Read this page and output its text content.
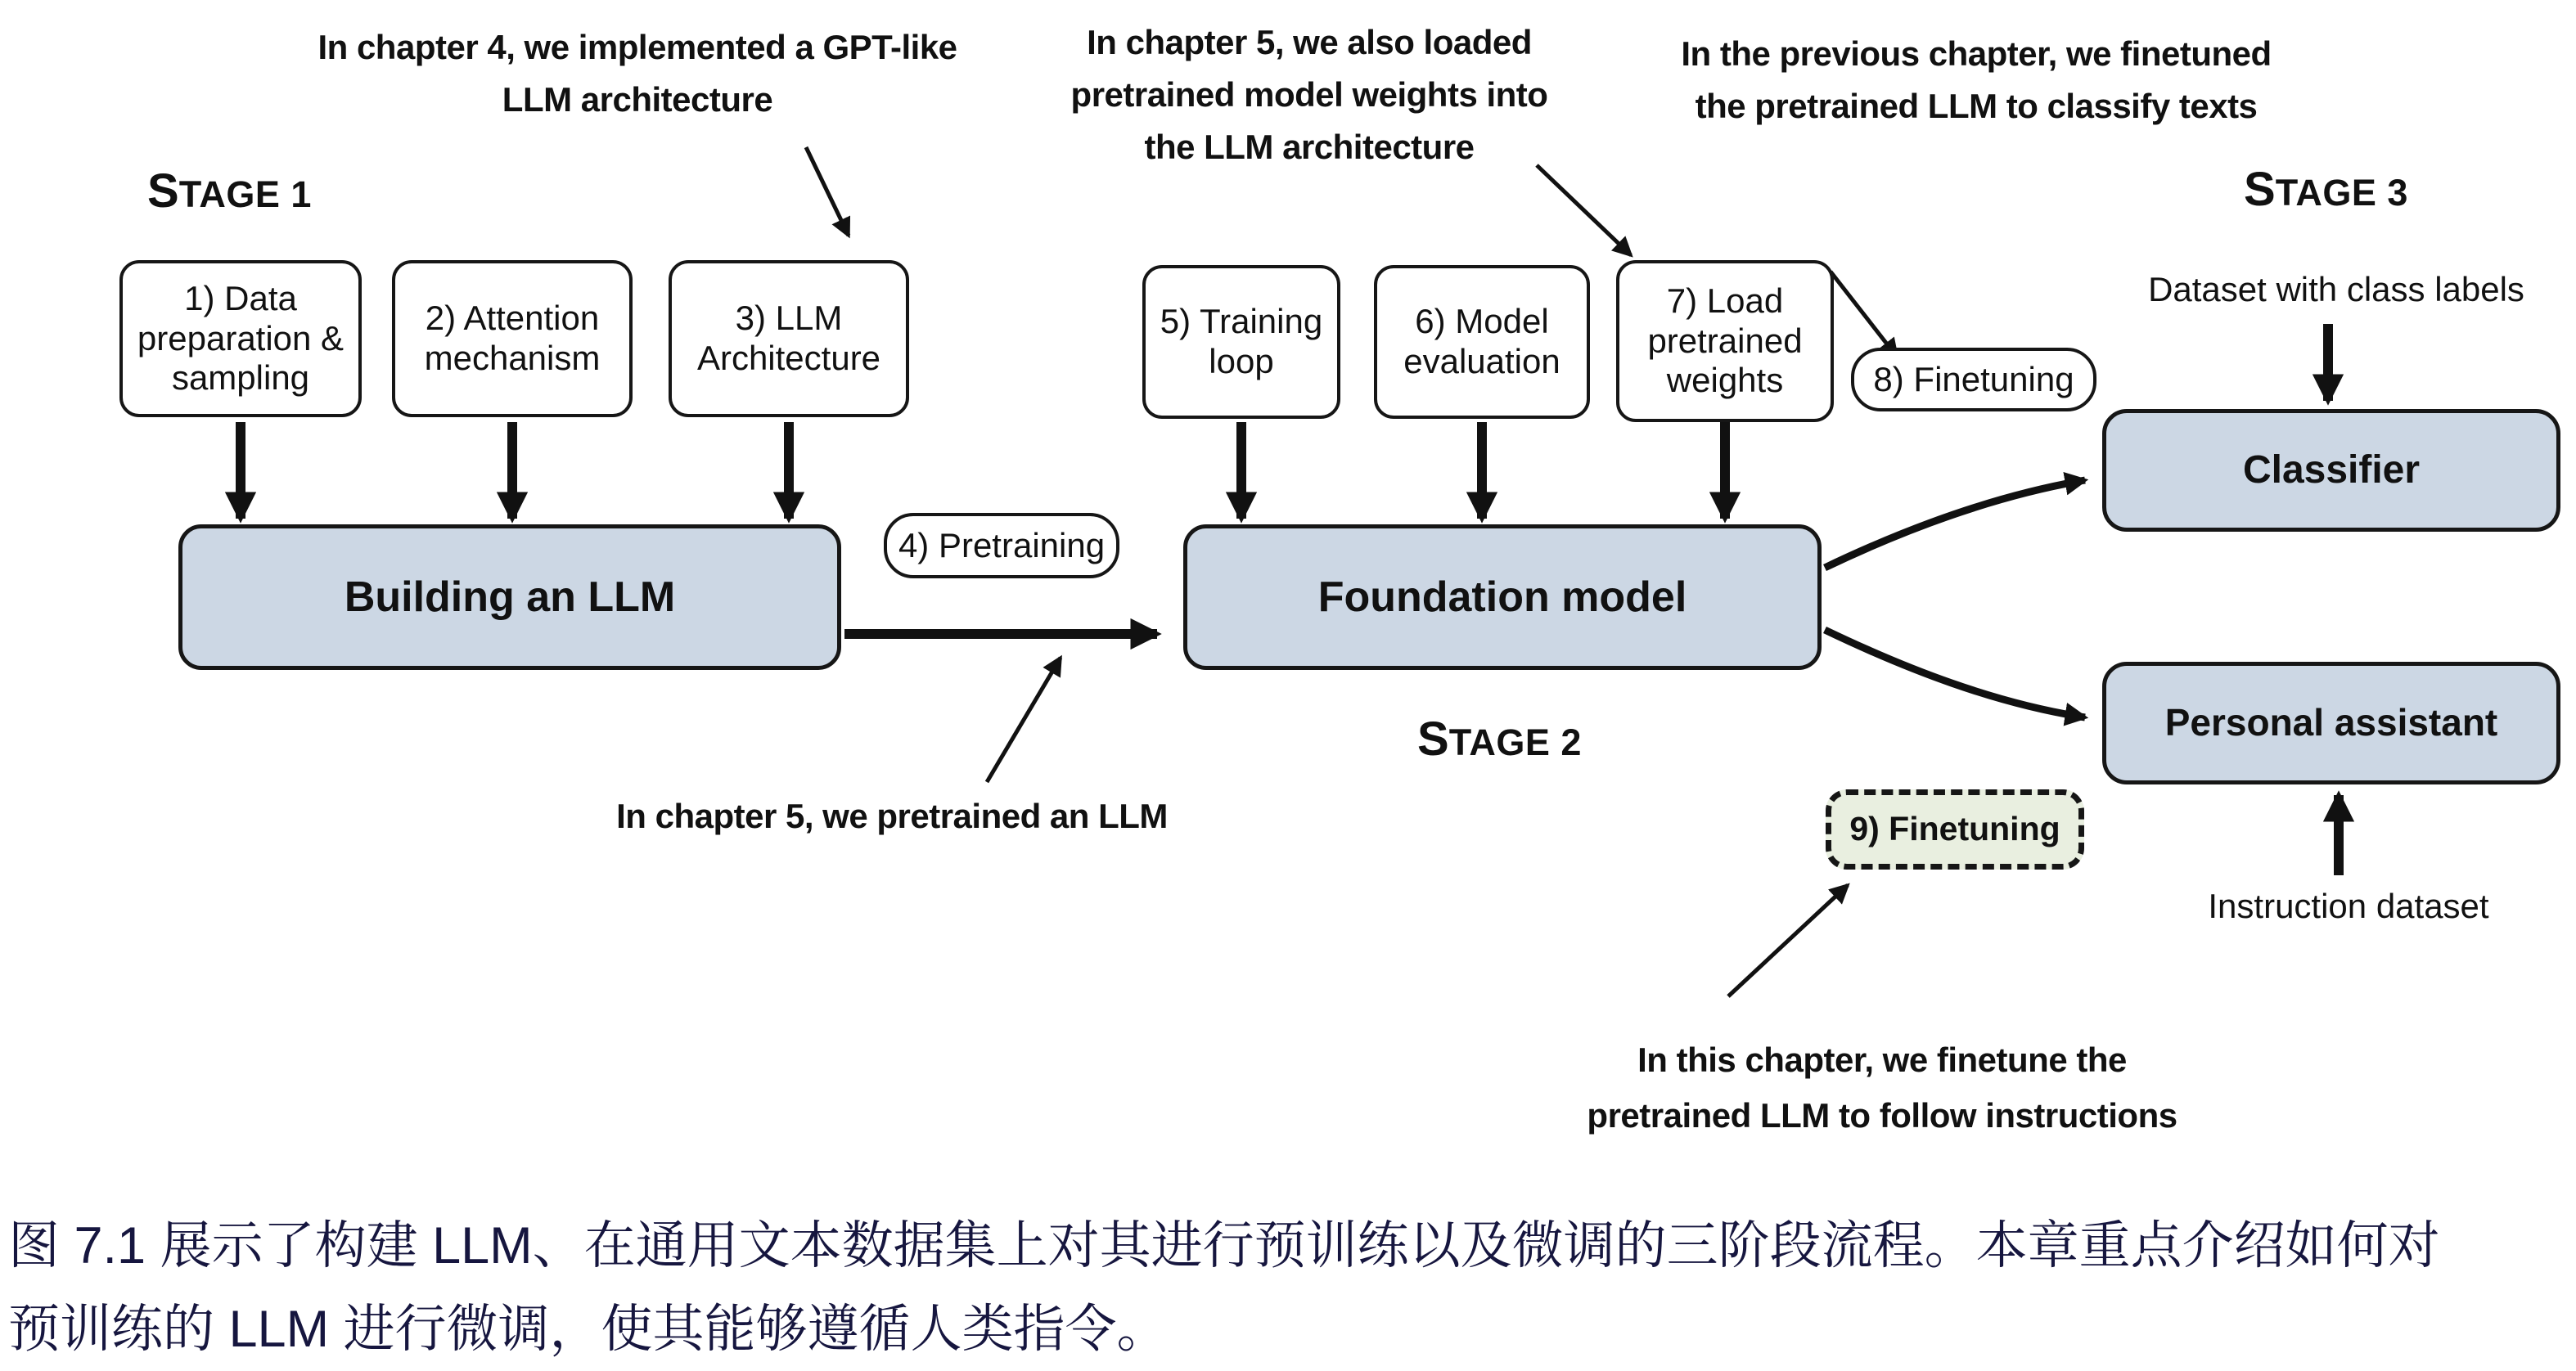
STAGE 1
STAGE 2
STAGE 3
In chapter 4, we implemented a GPT-like
LLM architecture
In chapter 5, we also loaded
pretrained model weights into
the LLM architecture
In the previous chapter, we finetuned
the pretrained LLM to classify texts
In chapter 5, we pretrained an LLM
In this chapter, we finetune the
pretrained LLM to follow instructions
1) Data preparation & sampling
2) Attention mechanism
3) LLM Architecture
4) Pretraining
5) Training loop
6) Model evaluation
7) Load pretrained weights	8) Finetuning
9) Finetuning
Building an LLM	Foundation model
Classifier
Personal assistant
Dataset with class labels
Instruction dataset
图 7.1 展示了构建 LLM、在通用文本数据集上对其进行预训练以及微调的三阶段流程。本章重点介绍如何对
预训练的 LLM 进行微调，使其能够遵循人类指令。
